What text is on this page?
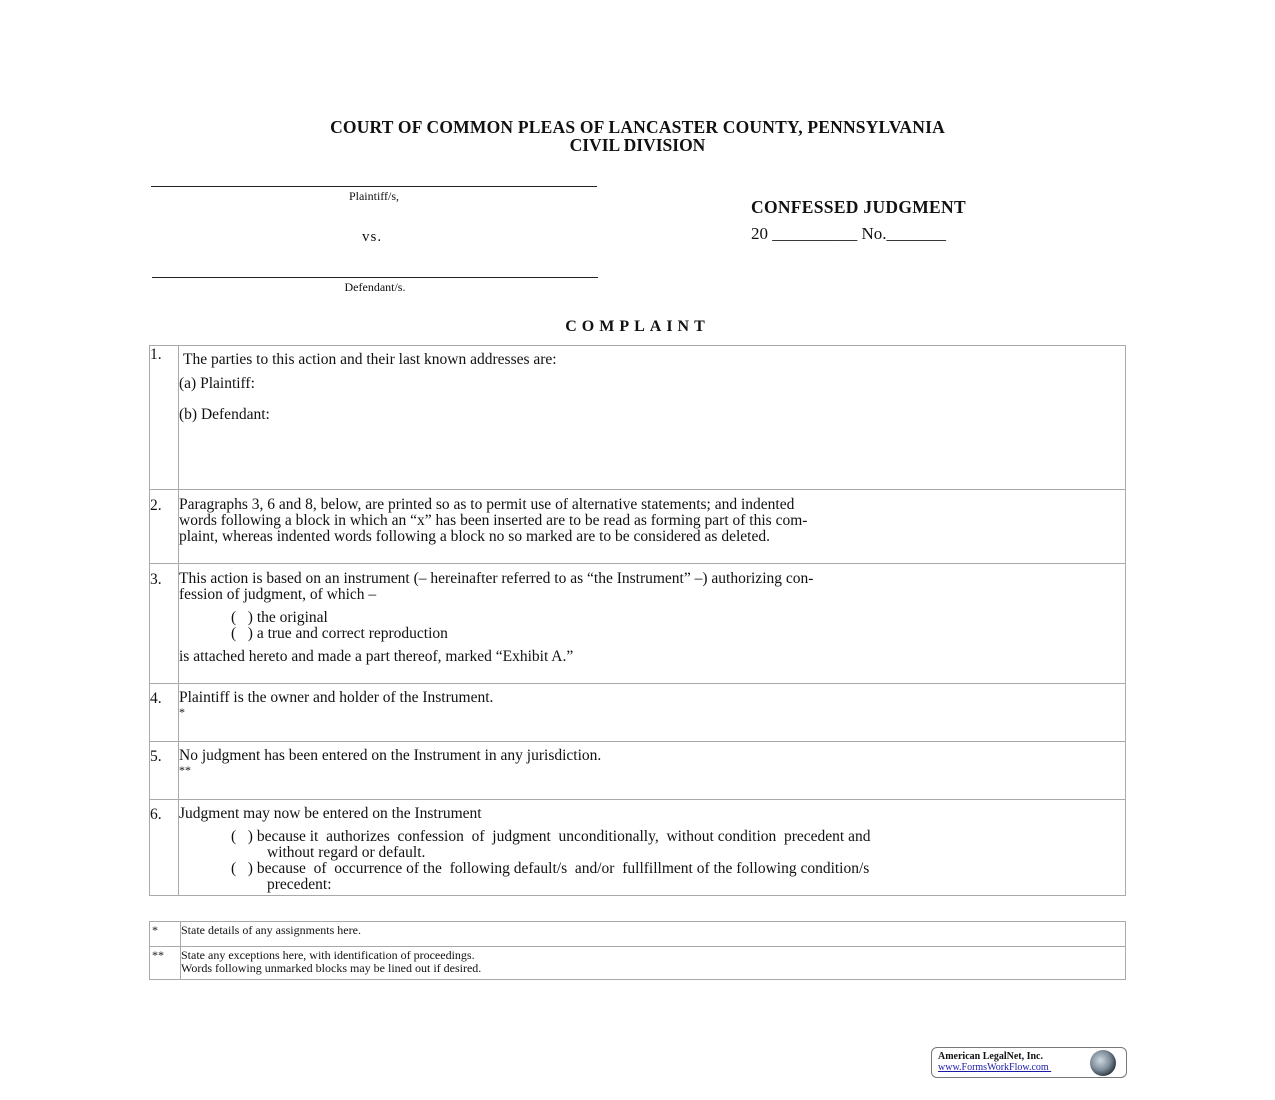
COURT OF COMMON PLEAS OF LANCASTER COUNTY, PENNSYLVANIA
CIVIL DIVISION
Plaintiff/s,
vs.
Defendant/s.
CONFESSED JUDGMENT
20 __________ No._______
COMPLAINT
1.	The parties to this action and their last known addresses are:
(a) Plaintiff:
(b) Defendant:

2.	Paragraphs 3, 6 and 8, below, are printed so as to permit use of alternative statements; and indented
words following a block in which an “x” has been inserted are to be read as forming part of this com-
plaint, whereas indented words following a block no so marked are to be considered as deleted.

3.	This action is based on an instrument (– hereinafter referred to as “the Instrument” –) authorizing con-
fession of judgment, of which –
(   ) the original
(   ) a true and correct reproduction
is attached hereto and made a part thereof, marked “Exhibit A.”

4.	Plaintiff is the owner and holder of the Instrument.
*

5.	No judgment has been entered on the Instrument in any jurisdiction.
**

6.	Judgment may now be entered on the Instrument
(   ) because it  authorizes  confession  of  judgment  unconditionally,  without condition  precedent and
without regard or default.
(   ) because  of  occurrence of the  following default/s  and/or  fullfillment of the following condition/s
precedent:
*	State details of any assignments here.

**	State any exceptions here, with identification of proceedings.
Words following unmarked blocks may be lined out if desired.
American LegalNet, Inc.
www.FormsWorkFlow.com
